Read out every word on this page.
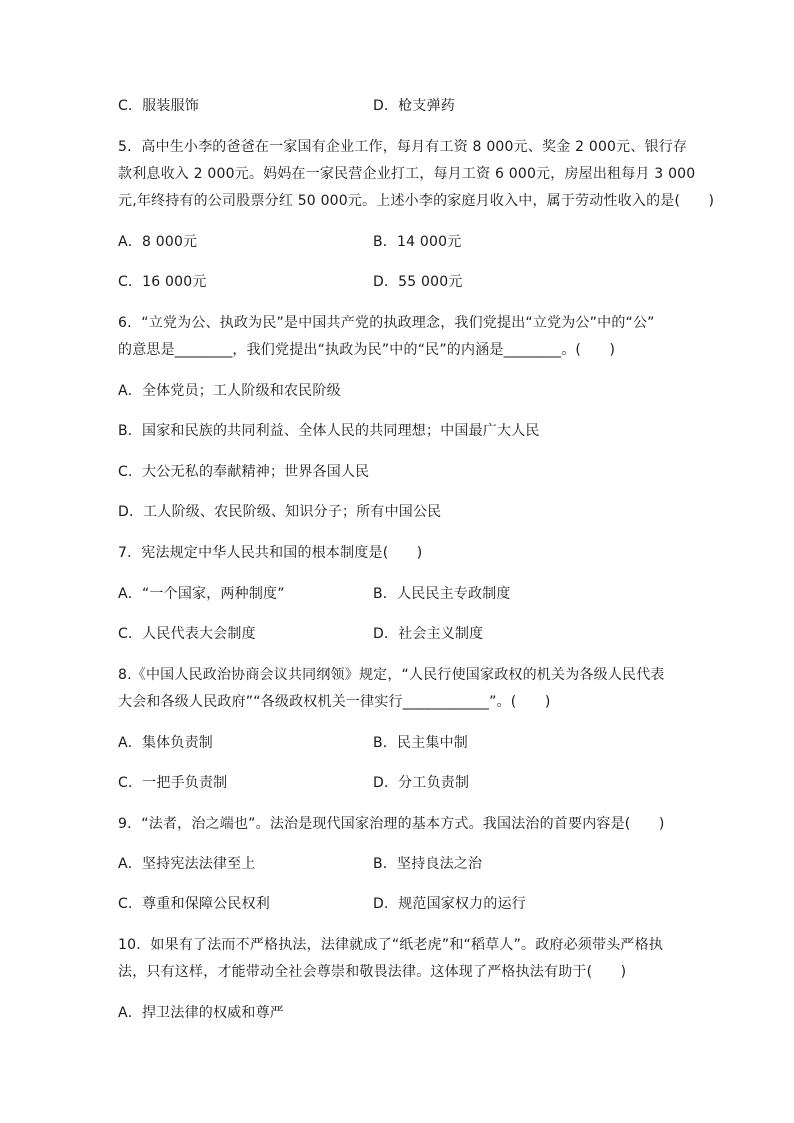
C．服装服饰	D．枪支弹药
5．高中生小李的爸爸在一家国有企业工作，每月有工资 8 000元、奖金 2 000元、银行存
款利息收入 2 000元。妈妈在一家民营企业打工，每月工资 6 000元，房屋出租每月 3 000
元,年终持有的公司股票分红 50 000元。上述小李的家庭月收入中，属于劳动性收入的是(　　)
A．8 000元	B．14 000元
C．16 000元	D．55 000元
6．“立党为公、执政为民”是中国共产党的执政理念，我们党提出“立党为公”中的“公”
的意思是________，我们党提出“执政为民”中的“民”的内涵是________。(　　)
A．全体党员；工人阶级和农民阶级
B．国家和民族的共同利益、全体人民的共同理想；中国最广大人民
C．大公无私的奉献精神；世界各国人民
D．工人阶级、农民阶级、知识分子；所有中国公民
7．宪法规定中华人民共和国的根本制度是(　　)
A．“一个国家，两种制度”	B．人民民主专政制度
C．人民代表大会制度	D．社会主义制度
8.《中国人民政治协商会议共同纲领》规定，“人民行使国家政权的机关为各级人民代表
大会和各级人民政府”“各级政权机关一律实行____________”。(　　)
A．集体负责制	B．民主集中制
C．一把手负责制	D．分工负责制
9．“法者，治之端也”。法治是现代国家治理的基本方式。我国法治的首要内容是(　　)
A．坚持宪法法律至上	B．坚持良法之治
C．尊重和保障公民权利	D．规范国家权力的运行
10．如果有了法而不严格执法，法律就成了“纸老虎”和“稻草人”。政府必须带头严格执
法，只有这样，才能带动全社会尊崇和敬畏法律。这体现了严格执法有助于(　　)
A．捍卫法律的权威和尊严
